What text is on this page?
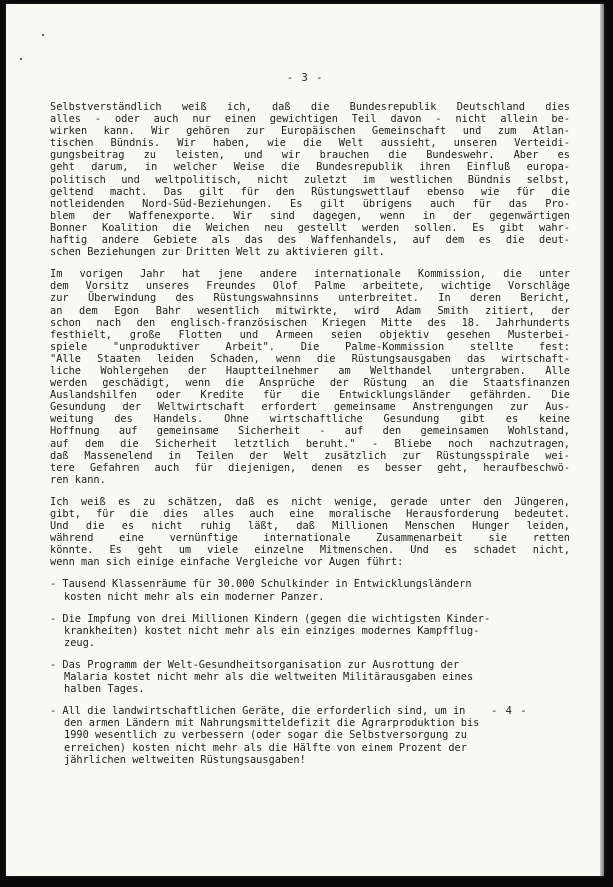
- 3 -
Selbstverständlich weiß ich, daß die Bundesrepublik Deutschland dies
alles - oder auch nur einen gewichtigen Teil davon - nicht allein be-
wirken kann. Wir gehören zur Europäischen Gemeinschaft und zum Atlan-
tischen Bündnis. Wir haben, wie die Welt aussieht, unseren Verteidi-
gungsbeitrag zu leisten, und wir brauchen die Bundeswehr. Aber es
geht darum, in welcher Weise die Bundesrepublik ihren Einfluß europa-
politisch und weltpolitisch, nicht zuletzt im westlichen Bündnis selbst,
geltend macht. Das gilt für den Rüstungswettlauf ebenso wie für die
notleidenden Nord-Süd-Beziehungen. Es gilt übrigens auch für das Pro-
blem der Waffenexporte. Wir sind dagegen, wenn in der gegenwärtigen
Bonner Koalition die Weichen neu gestellt werden sollen. Es gibt wahr-
haftig andere Gebiete als das des Waffenhandels, auf dem es die deut-
schen Beziehungen zur Dritten Welt zu aktivieren gilt.
Im vorigen Jahr hat jene andere internationale Kommission, die unter
dem Vorsitz unseres Freundes Olof Palme arbeitete, wichtige Vorschläge
zur Überwindung des Rüstungswahnsinns unterbreitet. In deren Bericht,
an dem Egon Bahr wesentlich mitwirkte, wird Adam Smith zitiert, der
schon nach den englisch-französischen Kriegen Mitte des 18. Jahrhunderts
festhielt, große Flotten und Armeen seien objektiv gesehen Musterbei-
spiele "unproduktiver Arbeit". Die Palme-Kommission stellte fest:
"Alle Staaten leiden Schaden, wenn die Rüstungsausgaben das wirtschaft-
liche Wohlergehen der Hauptteilnehmer am Welthandel untergraben. Alle
werden geschädigt, wenn die Ansprüche der Rüstung an die Staatsfinanzen
Auslandshilfen oder Kredite für die Entwicklungsländer gefährden. Die
Gesundung der Weltwirtschaft erfordert gemeinsame Anstrengungen zur Aus-
weitung des Handels. Ohne wirtschaftliche Gesundung gibt es keine
Hoffnung auf gemeinsame Sicherheit - auf den gemeinsamen Wohlstand,
auf dem die Sicherheit letztlich beruht." - Bliebe noch nachzutragen,
daß Massenelend in Teilen der Welt zusätzlich zur Rüstungsspirale wei-
tere Gefahren auch für diejenigen, denen es besser geht, heraufbeschwö-
ren kann.
Ich weiß es zu schätzen, daß es nicht wenige, gerade unter den Jüngeren,
gibt, für die dies alles auch eine moralische Herausforderung bedeutet.
Und die es nicht ruhig läßt, daß Millionen Menschen Hunger leiden,
während eine vernünftige internationale Zusammenarbeit sie retten
könnte. Es geht um viele einzelne Mitmenschen. Und es schadet nicht,
wenn man sich einige einfache Vergleiche vor Augen führt:
- Tausend Klassenräume für 30.000 Schulkinder in Entwicklungsländern
kosten nicht mehr als ein moderner Panzer.
- Die Impfung von drei Millionen Kindern (gegen die wichtigsten Kinder-
krankheiten) kostet nicht mehr als ein einziges modernes Kampfflug-
zeug.
- Das Programm der Welt-Gesundheitsorganisation zur Ausrottung der
Malaria kostet nicht mehr als die weltweiten Militärausgaben eines
halben Tages.
- All die landwirtschaftlichen Geräte, die erforderlich sind, um in
den armen Ländern mit Nahrungsmitteldefizit die Agrarproduktion bis
1990 wesentlich zu verbessern (oder sogar die Selbstversorgung zu
erreichen) kosten nicht mehr als die Hälfte von einem Prozent der
jährlichen weltweiten Rüstungsausgaben!
- 4 -
